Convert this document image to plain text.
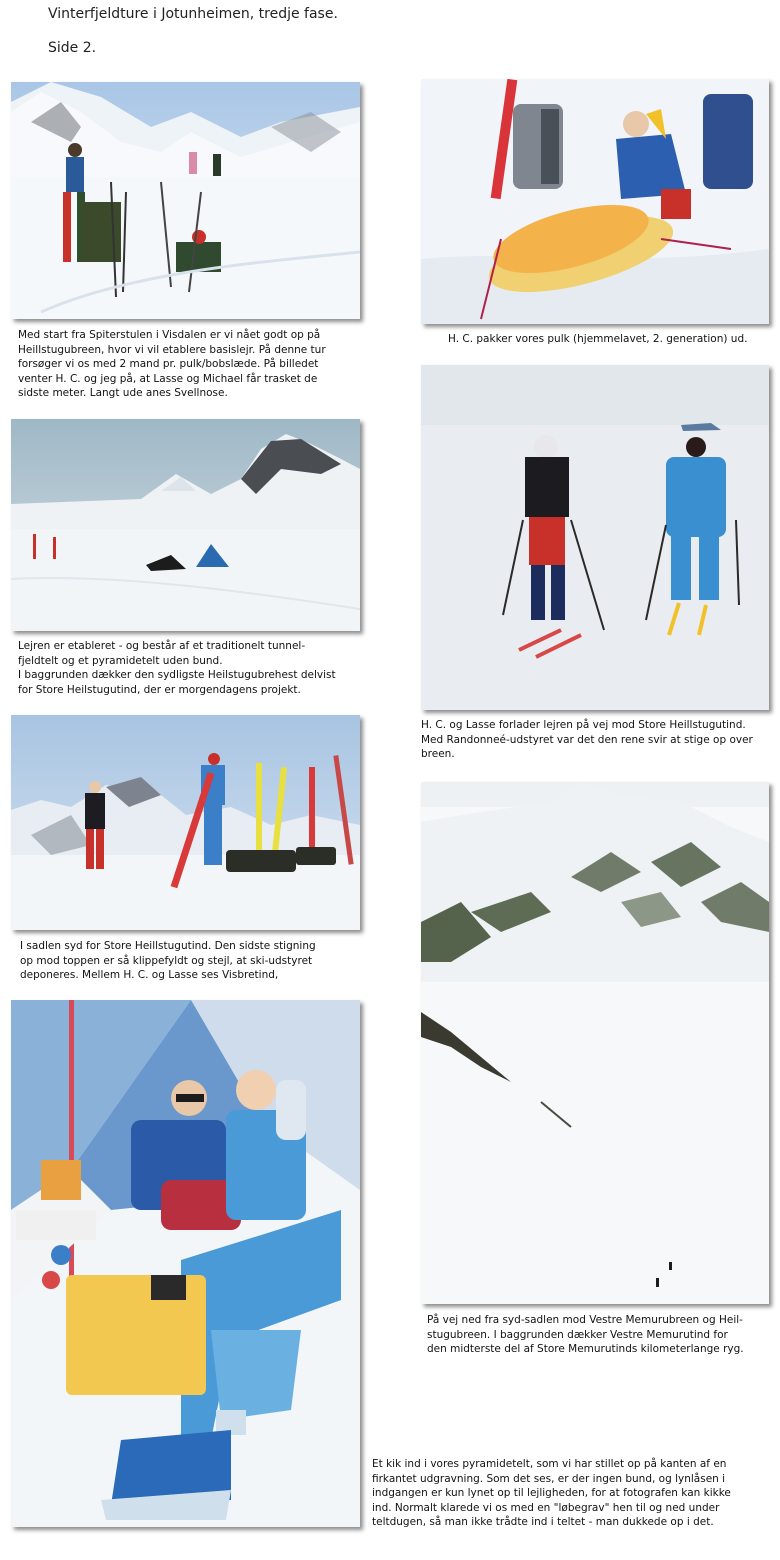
Vinterfjeldture i Jotunheimen, tredje fase.
Side 2.
Med start fra Spiterstulen i Visdalen er vi nået godt op på
Heillstugubreen, hvor vi vil etablere basislejr. På denne tur
forsøger vi os med 2 mand pr. pulk/bobslæde. På billedet
venter H. C. og jeg på, at Lasse og Michael får trasket de
sidste meter. Langt ude anes Svellnose.
H. C. pakker vores pulk (hjemmelavet, 2. generation) ud.
Lejren er etableret - og består af et traditionelt tunnel-
fjeldtelt og et pyramidetelt uden bund.
I baggrunden dækker den sydligste Heilstugubrehest delvist
for Store Heilstugutind, der er morgendagens projekt.
H. C. og Lasse forlader lejren på vej mod Store Heillstugutind.
Med Randonneé-udstyret var det den rene svir at stige op over
breen.
I sadlen syd for Store Heillstugutind. Den sidste stigning
op mod toppen er så klippefyldt og stejl, at ski-udstyret
deponeres. Mellem H. C. og Lasse ses Visbretind,
På vej ned fra syd-sadlen mod Vestre Memurubreen og Heil-
stugubreen. I baggrunden dækker Vestre Memurutind for
den midterste del af Store Memurutinds kilometerlange ryg.
Et kik ind i vores pyramidetelt, som vi har stillet op på kanten af en
firkantet udgravning. Som det ses, er der ingen bund, og lynlåsen i
indgangen er kun lynet op til lejligheden, for at fotografen kan kikke
ind. Normalt klarede vi os med en "løbegrav" hen til og ned under
teltdugen, så man ikke trådte ind i teltet - man dukkede op i det.
